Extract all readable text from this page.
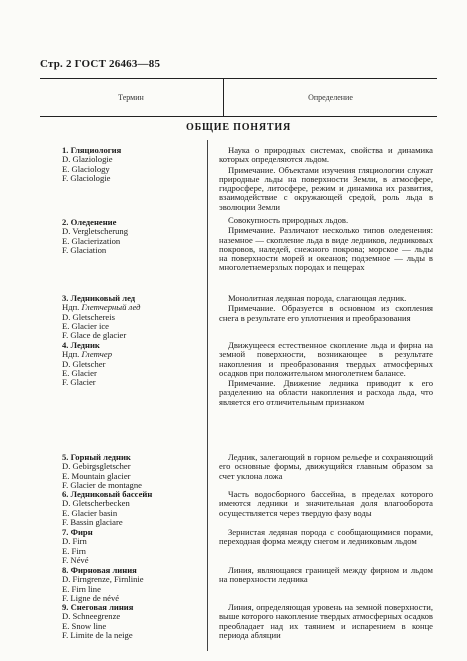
Стр. 2 ГОСТ 26463—85
Термин	Определение
ОБЩИЕ ПОНЯТИЯ
1. Гляциология
D. Glaziologie
E. Glaciology
F. Glaciologie
2. Оледенение
D. Vergletscherung
E. Glacierization
F. Glaciation
3. Ледниковый лед
Ндп. Глетчерный лед
D. Gletschereis
E. Glacier ice
F. Glace de glacier
4. Ледник
Ндп. Глетчер
D. Gletscher
E. Glacier
F. Glacier
5. Горный ледник
D. Gebirgsgletscher
E. Mountain glacier
F. Glacier de montagne
6. Ледниковый бассейн
D. Gletscherbecken
E. Glacier basin
F. Bassin glaciare
7. Фирн
D. Firn
E. Firn
F. Névé
8. Фирновая линия
D. Firngrenze, Firnlinie
E. Firn line
F. Ligne de névé
9. Снеговая линия
D. Schneegrenze
E. Snow line
F. Limite de la neige

Наука о природных системах, свойства и динамика которых определяются льдом.

Примечание. Объектами изучения гляциологии служат природные льды на поверхности Земли, в атмосфере, гидросфере, литосфере, режим и динамика их развития, взаимодействие с окружающей средой, роль льда в эволюции Земли

Совокупность природных льдов.

Примечание. Различают несколько типов оледенения: наземное — скопление льда в виде ледников, ледниковых покровов, наледей, снежного покрова; морское — льды на поверхности морей и океанов; подземное — льды в многолетнемерзлых породах и пещерах

Монолитная ледяная порода, слагающая ледник.

Примечание. Образуется в основном из скопления снега в результате его уплотнения и преобразования

Движущееся естественное скопление льда и фирна на земной поверхности, возникающее в результате накопления и преобразования твердых атмосферных осадков при положительном многолетнем балансе.

Примечание. Движение ледника приводит к его разделению на области накопления и расхода льда, что является его отличительным признаком

Ледник, залегающий в горном рельефе и сохраняющий его основные формы, движущийся главным образом за счет уклона ложа

Часть водосборного бассейна, в пределах которого имеются ледники и значительная доля влагооборота осуществляется через твердую фазу воды

Зернистая ледяная порода с сообщающимися порами, переходная форма между снегом и ледниковым льдом

Линия, являющаяся границей между фирном и льдом на поверхности ледника

Линия, определяющая уровень на земной поверхности, выше которого накопление твердых атмосферных осадков преобладает над их таянием и испарением в конце периода абляции
